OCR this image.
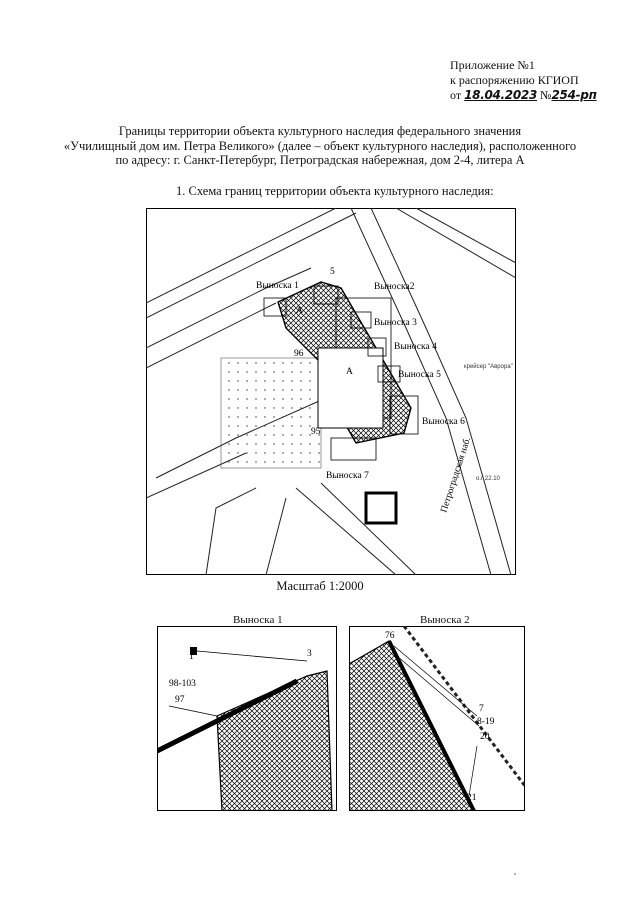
Приложение №1
к распоряжению КГИОП
от 18.04.2023 №254-рп
Границы территории объекта культурного наследия федерального значения
«Училищный дом им. Петра Великого» (далее – объект культурного наследия), расположенного
по адресу: г. Санкт-Петербург, Петроградская набережная, дом 2-4, литера А
1. Схема границ территории объекта культурного наследия:
Выноска 1	Выноска2
Выноска 3
Выноска 4
Выноска 5
Выноска 6
Выноска 7
5
96
95
А
А
Петроградская наб.
крейсер "Аврора"
о.г 22.10
Масштаб 1:2000
Выноска 1
1	3
98-103
97
Выноска 2
76
7
8-19
20
21
